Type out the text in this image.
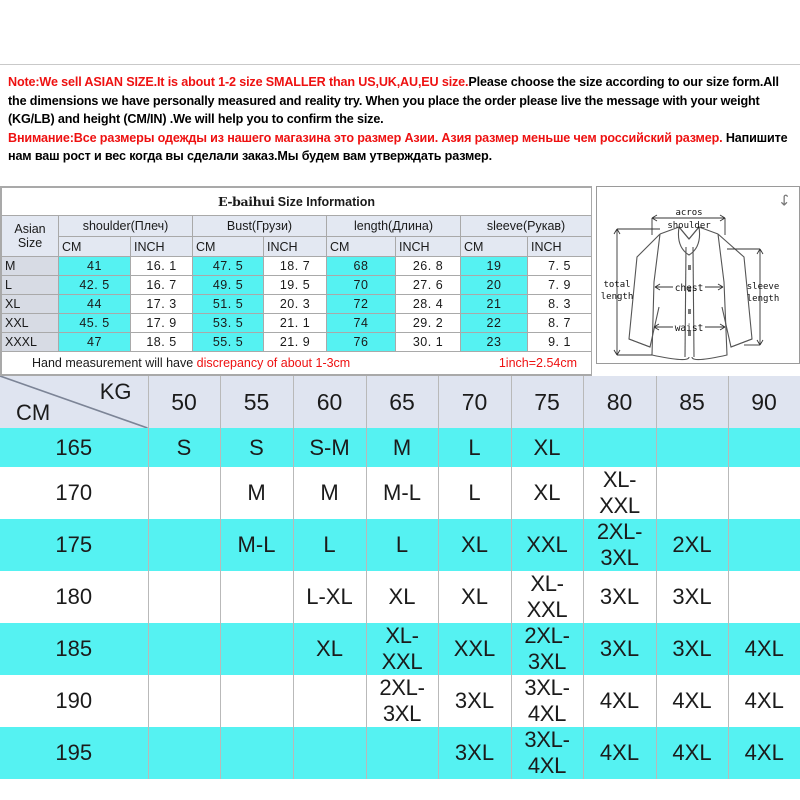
Note:We sell ASIAN SIZE.It is about 1-2 size SMALLER than US,UK,AU,EU size.Please choose the size according to our size form.All the dimensions we have personally measured and reality try. When you place the order please live the message with your weight (KG/LB) and height (CM/IN) .We will help you to confirm the size.
Внимание:Все размеры одежды из нашего магазина это размер Азии. Азия размер меньше чем российский размер. Напишите нам ваш рост и вес когда вы сделали заказ.Мы будем вам утверждать размер.
E-baihui Size Information								

Asian
Size	shoulder(Плеч)		Bust(Грузи)		length(Длина)		sleeve(Рукав)	
	CM	INCH	CM	INCH	CM	INCH	CM	INCH
M	41	16. 1	47. 5	18. 7	68	26. 8	19	7. 5
L	42. 5	16. 7	49. 5	19. 5	70	27. 6	20	7. 9
XL	44	17. 3	51. 5	20. 3	72	28. 4	21	8. 3
XXL	45. 5	17. 9	53. 5	21. 1	74	29. 2	22	8. 7
XXXL	47	18. 5	55. 5	21. 9	76	30. 1	23	9. 1

Hand measurement will have discrepancy of about 1-3cm 1inch=2.54cm								
acros
shoulder
total
length
sleeve
length
chest
waist
↪
KG
CM	50	55	60	65	70	75	80	85	90
165	S	S	S-M	M	L	XL			
170		M	M	M-L	L	XL	XL-XXL		
175		M-L	L	L	XL	XXL	2XL-3XL	2XL	
180			L-XL	XL	XL	XL-XXL	3XL	3XL	
185			XL	XL-XXL	XXL	2XL-3XL	3XL	3XL	4XL
190				2XL-3XL	3XL	3XL-4XL	4XL	4XL	4XL
195					3XL	3XL-4XL	4XL	4XL	4XL
